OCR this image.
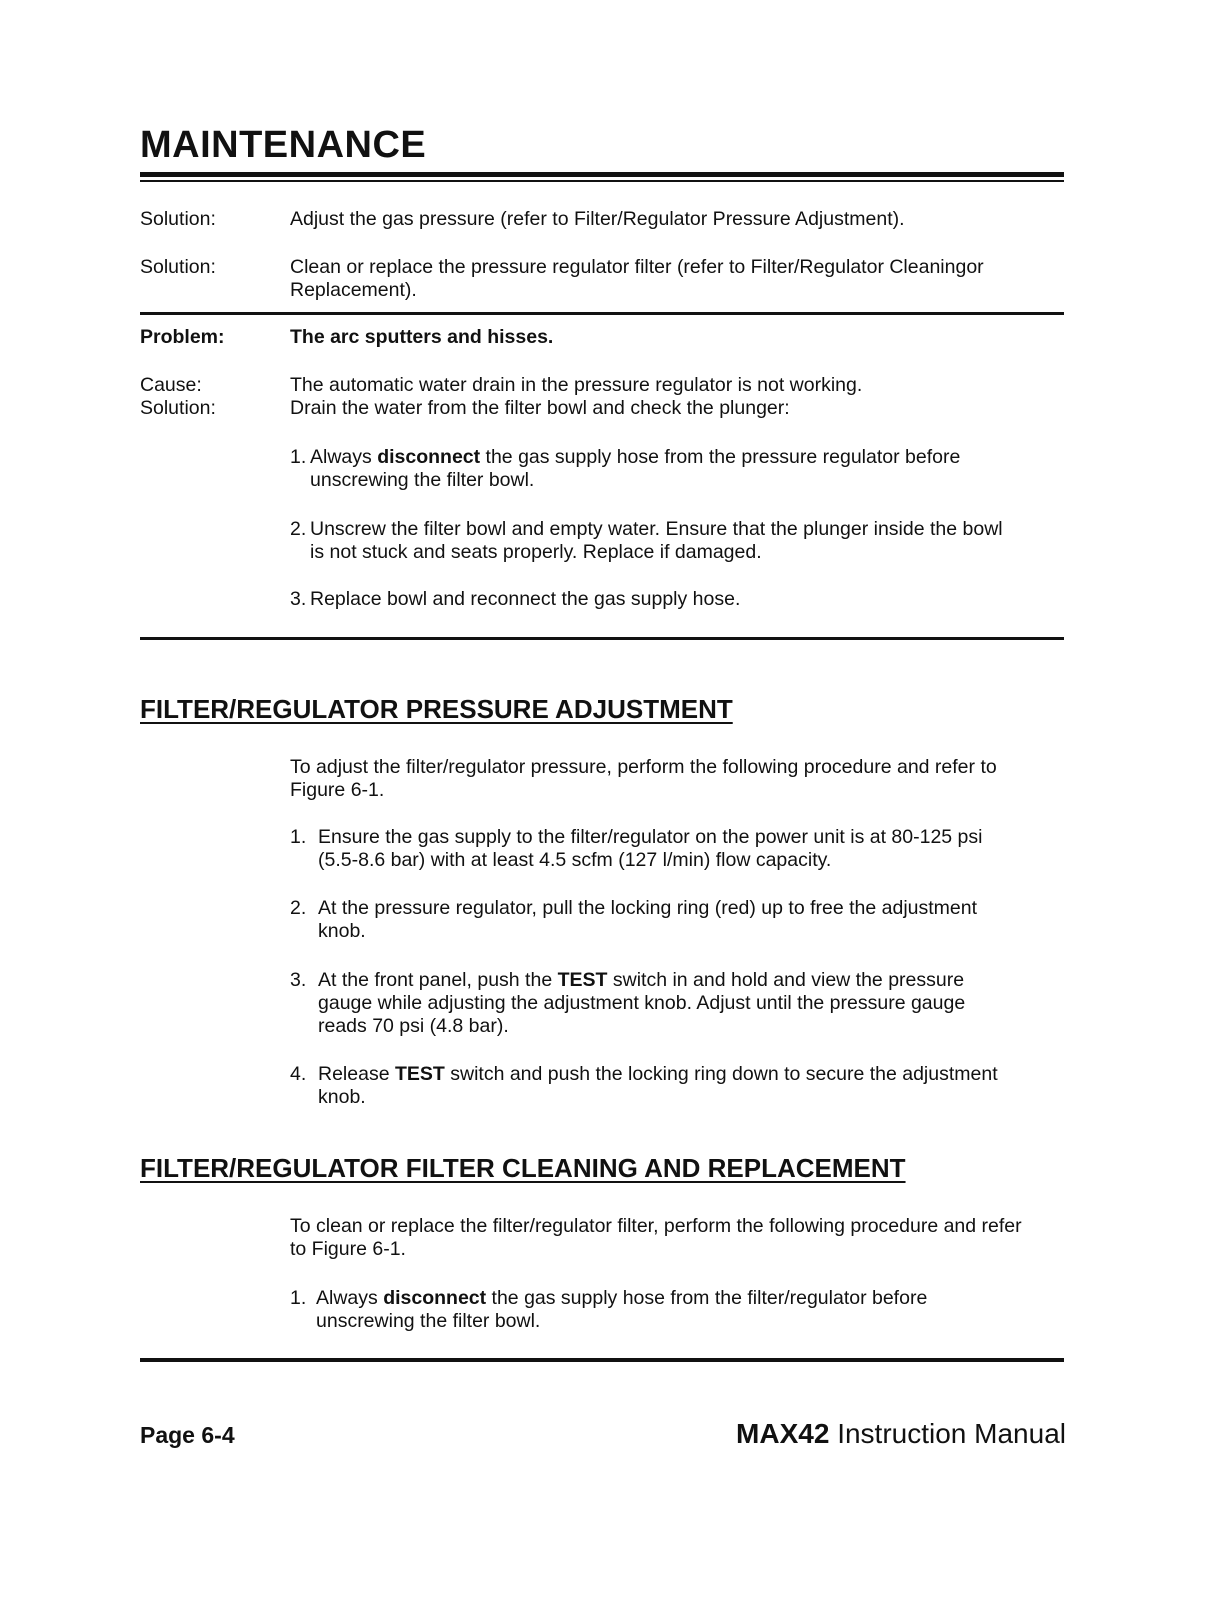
MAINTENANCE
Solution:	Adjust the gas pressure (refer to Filter/Regulator Pressure Adjustment).
Solution:	Clean or replace the pressure regulator filter (refer to Filter/Regulator Cleaningor
Replacement).
Problem:	The arc sputters and hisses.
Cause:	The automatic water drain in the pressure regulator is not working.
Solution:	Drain the water from the filter bowl and check the plunger:
1. Always disconnect the gas supply hose from the pressure regulator before
unscrewing the filter bowl.
2. Unscrew the filter bowl and empty water. Ensure that the plunger inside the bowl
is not stuck and seats properly. Replace if damaged.
3. Replace bowl and reconnect the gas supply hose.
FILTER/REGULATOR PRESSURE ADJUSTMENT
To adjust the filter/regulator pressure, perform the following procedure and refer to
Figure 6-1.
1. Ensure the gas supply to the filter/regulator on the power unit is at 80-125 psi
(5.5-8.6 bar) with at least 4.5 scfm (127 l/min) flow capacity.
2. At the pressure regulator, pull the locking ring (red) up to free the adjustment
knob.
3. At the front panel, push the TEST switch in and hold and view the pressure
gauge while adjusting the adjustment knob. Adjust until the pressure gauge
reads 70 psi (4.8 bar).
4. Release TEST switch and push the locking ring down to secure the adjustment
knob.
FILTER/REGULATOR FILTER CLEANING AND REPLACEMENT
To clean or replace the filter/regulator filter, perform the following procedure and refer
to Figure 6-1.
1. Always disconnect the gas supply hose from the filter/regulator before
unscrewing the filter bowl.
Page 6-4	MAX42 Instruction Manual
